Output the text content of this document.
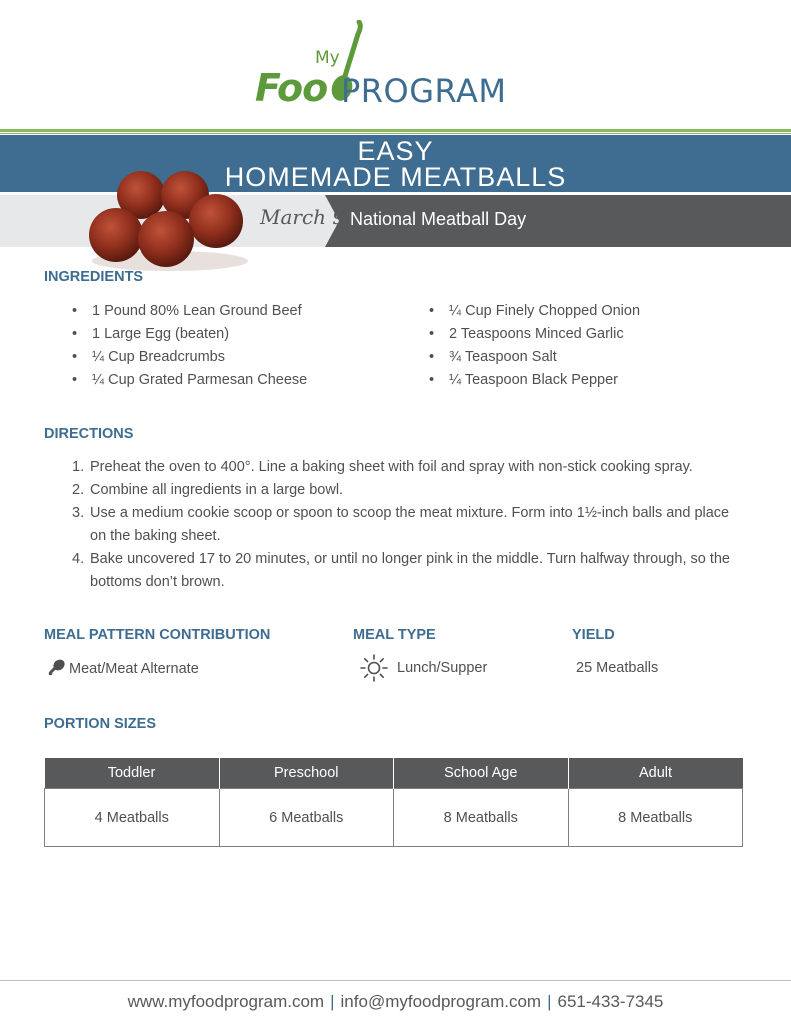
My
Foo PROGRAM
EASY
HOMEMADE MEATBALLS
March 9 National Meatball Day
INGREDIENTS
• 1 Pound 80% Lean Ground Beef
• 1 Large Egg (beaten)
• ¼ Cup Breadcrumbs
• ¼ Cup Grated Parmesan Cheese
• ¼ Cup Finely Chopped Onion
• 2 Teaspoons Minced Garlic
• ¾ Teaspoon Salt
• ¼ Teaspoon Black Pepper
DIRECTIONS
1. Preheat the oven to 400°. Line a baking sheet with foil and spray with non-stick cooking spray.
2. Combine all ingredients in a large bowl.
3. Use a medium cookie scoop or spoon to scoop the meat mixture. Form into 1½-inch balls and place on the baking sheet.
4. Bake uncovered 17 to 20 minutes, or until no longer pink in the middle. Turn halfway through, so the bottoms don’t brown.
MEAL PATTERN CONTRIBUTION
Meat/Meat Alternate
MEAL TYPE
Lunch/Supper
YIELD
25 Meatballs
PORTION SIZES
Toddler	Preschool	School Age	Adult
4 Meatballs	6 Meatballs	8 Meatballs	8 Meatballs
www.myfoodprogram.com | info@myfoodprogram.com | 651-433-7345
